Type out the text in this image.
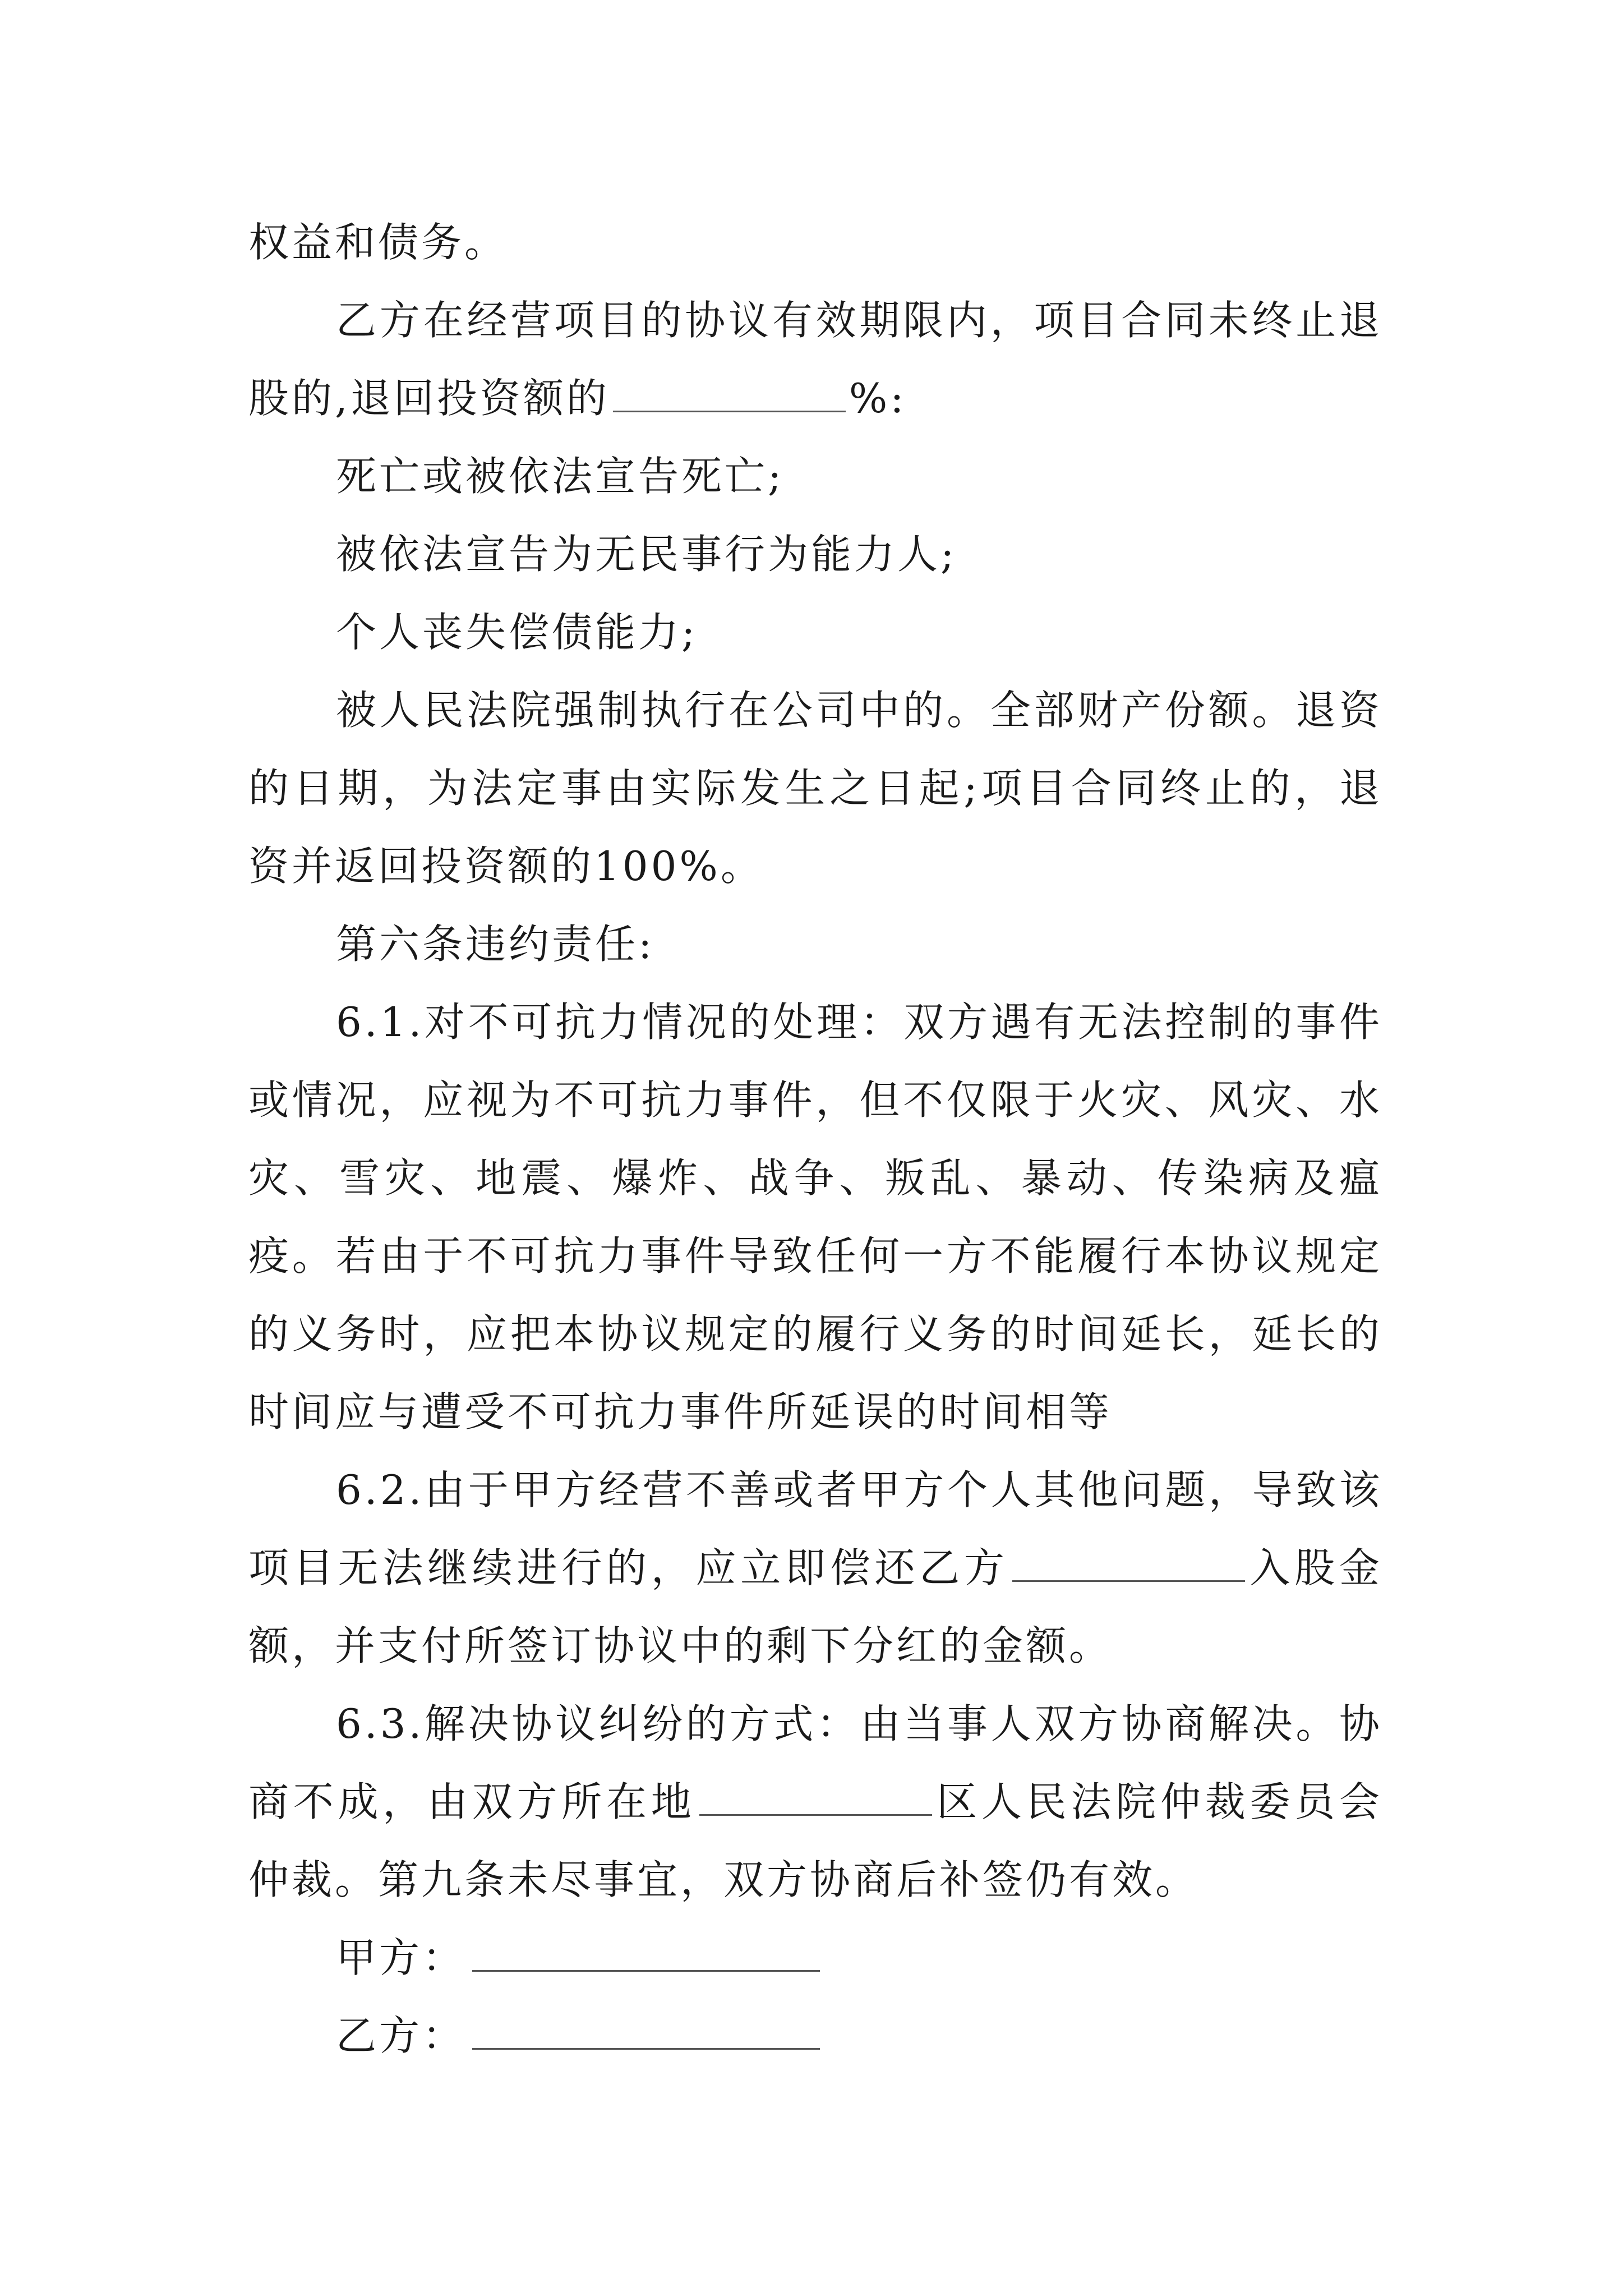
权益和债务。

乙方在经营项目的协议有效期限内，项目合同未终止退股的,退回投资额的	%:

死亡或被依法宣告死亡;

被依法宣告为无民事行为能力人;

个人丧失偿债能力;

被人民法院强制执行在公司中的。全部财产份额。退资的日期，为法定事由实际发生之日起;项目合同终止的，退资并返回投资额的100%。

第六条违约责任:

6.1.对不可抗力情况的处理：双方遇有无法控制的事件或情况，应视为不可抗力事件，但不仅限于火灾、风灾、水灾、雪灾、地震、爆炸、战争、叛乱、暴动、传染病及瘟疫。若由于不可抗力事件导致任何一方不能履行本协议规定的义务时，应把本协议规定的履行义务的时间延长，延长的时间应与遭受不可抗力事件所延误的时间相等

6.2.由于甲方经营不善或者甲方个人其他问题，导致该项目无法继续进行的，应立即偿还乙方	入股金额，并支付所签订协议中的剩下分红的金额。

6.3.解决协议纠纷的方式：由当事人双方协商解决。协商不成，由双方所在地	区人民法院仲裁委员会仲裁。第九条未尽事宜，双方协商后补签仍有效。

甲方：

乙方：
